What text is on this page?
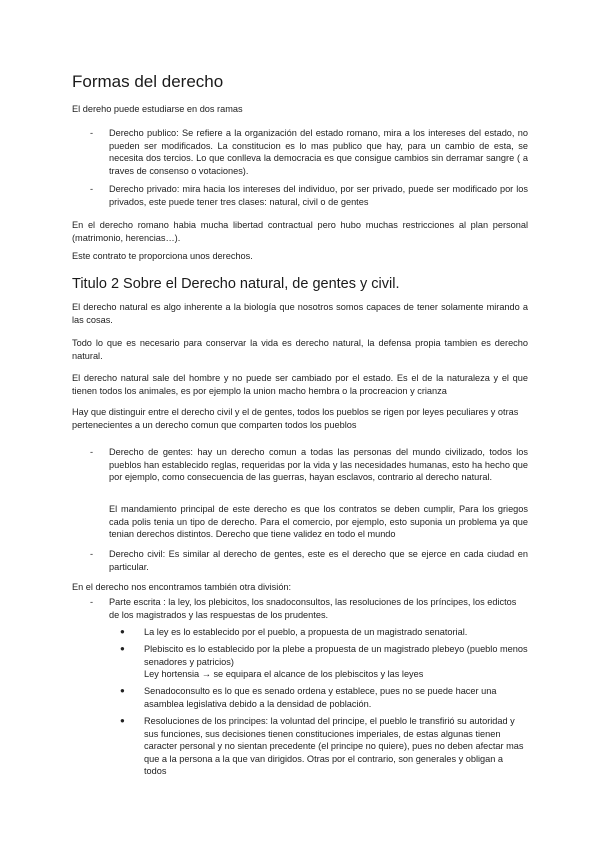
Formas del derecho

El dereho puede estudiarse en dos ramas

- Derecho publico: Se refiere a la organización del estado romano, mira a los intereses del estado, no pueden ser modificados. La constitucion es lo mas publico que hay, para un cambio de esta, se necesita dos tercios. Lo que conlleva la democracia es que consigue cambios sin derramar sangre ( a traves de consenso o votaciones).
- Derecho privado: mira hacia los intereses del individuo, por ser privado, puede ser modificado por los privados, este puede tener tres clases: natural, civil o de gentes

En el derecho romano habia mucha libertad contractual pero hubo muchas restricciones al plan personal (matrimonio, herencias…).

Este contrato te proporciona unos derechos.

Titulo 2 Sobre el Derecho natural, de gentes y civil.

El derecho natural es algo inherente a la biología que nosotros somos capaces de tener solamente mirando a las cosas.

Todo lo que es necesario para conservar la vida es derecho natural, la defensa propia tambien es derecho natural.

El derecho natural sale del hombre y no puede ser cambiado por el estado. Es el de la naturaleza y el que tienen todos los animales, es por ejemplo la union macho hembra o la procreacion y crianza

Hay que distinguir entre el derecho civil y el de gentes, todos los pueblos se rigen por leyes peculiares y otras pertenecientes a un derecho comun que comparten todos los pueblos

- Derecho de gentes: hay un derecho comun a todas las personas del mundo civilizado, todos los pueblos han establecido reglas, requeridas por la vida y las necesidades humanas, esto ha hecho que por ejemplo, como consecuencia de las guerras, hayan esclavos, contrario al derecho natural.

El mandamiento principal de este derecho es que los contratos se deben cumplir, Para los griegos cada polis tenia un tipo de derecho. Para el comercio, por ejemplo, esto suponia un problema ya que tenian derechos distintos. Derecho que tiene validez en todo el mundo

- Derecho civil: Es similar al derecho de gentes, este es el derecho que se ejerce en cada ciudad en particular.

En el derecho nos encontramos también otra división:

- Parte escrita : la ley, los plebicitos, los snadoconsultos, las resoluciones de los príncipes, los edictos de los magistrados y las respuestas de los prudentes.
● La ley es lo establecido por el pueblo, a propuesta de un magistrado senatorial.
● Plebiscito es lo establecido por la plebe a propuesta de un magistrado plebeyo (pueblo menos senadores y patricios)
Ley hortensia → se equipara el alcance de los plebiscitos y las leyes
● Senadoconsulto es lo que es senado ordena y establece, pues no se puede hacer una asamblea legislativa debido a la densidad de población.
● Resoluciones de los principes: la voluntad del principe, el pueblo le transfirió su autoridad y sus funciones, sus decisiones tienen constituciones imperiales, de estas algunas tienen caracter personal y no sientan precedente (el principe no quiere), pues no deben afectar mas que a la persona a la que van dirigidos. Otras por el contrario, son generales y obligan a todos
